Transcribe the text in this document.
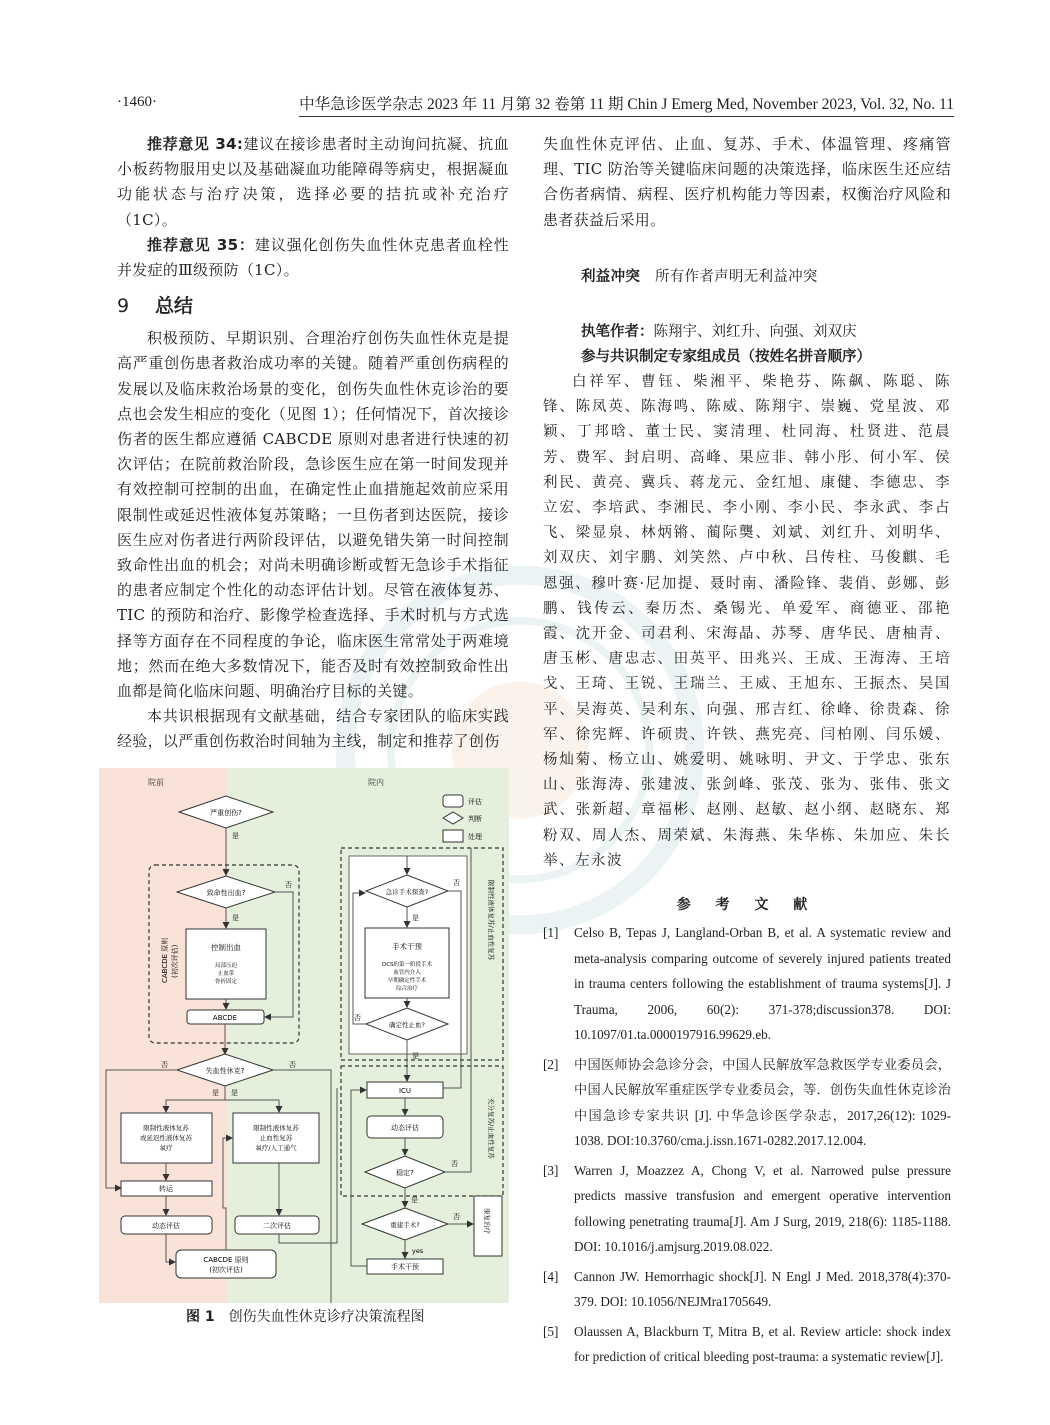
·1460·	中华急诊医学杂志 2023 年 11 月第 32 卷第 11 期 Chin J Emerg Med, November 2023, Vol. 32, No. 11

推荐意见 34:建议在接诊患者时主动询问抗凝、抗血小板药物服用史以及基础凝血功能障碍等病史，根据凝血功能状态与治疗决策，选择必要的拮抗或补充治疗（1C）。

推荐意见 35：建议强化创伤失血性休克患者血栓性并发症的Ⅲ级预防（1C）。

9 总结

积极预防、早期识别、合理治疗创伤失血性休克是提高严重创伤患者救治成功率的关键。随着严重创伤病程的发展以及临床救治场景的变化，创伤失血性休克诊治的要点也会发生相应的变化（见图 1）；任何情况下，首次接诊伤者的医生都应遵循 CABCDE 原则对患者进行快速的初次评估；在院前救治阶段，急诊医生应在第一时间发现并有效控制可控制的出血，在确定性止血措施起效前应采用限制性或延迟性液体复苏策略；一旦伤者到达医院，接诊医生应对伤者进行两阶段评估，以避免错失第一时间控制致命性出血的机会；对尚未明确诊断或暂无急诊手术指征的患者应制定个性化的动态评估计划。尽管在液体复苏、TIC 的预防和治疗、影像学检查选择、手术时机与方式选择等方面存在不同程度的争论，临床医生常常处于两难境地；然而在绝大多数情况下，能否及时有效控制致命性出血都是简化临床问题、明确治疗目标的关键。

本共识根据现有文献基础，结合专家团队的临床实践经验，以严重创伤救治时间轴为主线，制定和推荐了创伤

失血性休克评估、止血、复苏、手术、体温管理、疼痛管理、TIC 防治等关键临床问题的决策选择，临床医生还应结合伤者病情、病程、医疗机构能力等因素，权衡治疗风险和患者获益后采用。

利益冲突 所有作者声明无利益冲突

执笔作者：陈翔宇、刘红升、向强、刘双庆
参与共识制定专家组成员（按姓名拼音顺序）

白祥军、曹钰、柴湘平、柴艳芬、陈飙、陈聪、陈锋、陈凤英、陈海鸣、陈威、陈翔宇、崇巍、党星波、邓颖、丁邦晗、董士民、窦清理、杜同海、杜贤进、范晨芳、费军、封启明、高峰、果应非、韩小彤、何小军、侯利民、黄亮、冀兵、蒋龙元、金红旭、康健、李德忠、李立宏、李培武、李湘民、李小刚、李小民、李永武、李占飞、梁显泉、林炳锵、蔺际龑、刘斌、刘红升、刘明华、刘双庆、刘宇鹏、刘笑然、卢中秋、吕传柱、马俊麒、毛恩强、穆叶赛·尼加提、聂时南、潘险锋、裴俏、彭娜、彭鹏、钱传云、秦历杰、桑锡光、单爱军、商德亚、邵艳霞、沈开金、司君利、宋海晶、苏琴、唐华民、唐柚青、唐玉彬、唐忠志、田英平、田兆兴、王成、王海涛、王培戈、王琦、王锐、王瑞兰、王威、王旭东、王振杰、吴国平、吴海英、吴利东、向强、邢吉红、徐峰、徐贵森、徐军、徐宪辉、许硕贵、许铁、燕宪亮、闫柏刚、闫乐媛、杨灿菊、杨立山、姚爱明、姚咏明、尹文、于学忠、张东山、张海涛、张建波、张剑峰、张茂、张为、张伟、张文武、张新超、章福彬、赵刚、赵敏、赵小纲、赵晓东、郑粉双、周人杰、周荣斌、朱海燕、朱华栋、朱加应、朱长举、左永波

参 考 文 献
[1] Celso B, Tepas J, Langland-Orban B, et al. A systematic review and meta-analysis comparing outcome of severely injured patients treated in trauma centers following the establishment of trauma systems[J]. J Trauma, 2006, 60(2): 371-378;discussion378. DOI: 10.1097/01.ta.0000197916.99629.eb.
[2] 中国医师协会急诊分会，中国人民解放军急救医学专业委员会，中国人民解放军重症医学专业委员会，等．创伤失血性休克诊治中国急诊专家共识 [J]. 中华急诊医学杂志，2017,26(12): 1029-1038. DOI:10.3760/cma.j.issn.1671-0282.2017.12.004.
[3] Warren J, Moazzez A, Chong V, et al. Narrowed pulse pressure predicts massive transfusion and emergent operative intervention following penetrating trauma[J]. Am J Surg, 2019, 218(6): 1185-1188. DOI: 10.1016/j.amjsurg.2019.08.022.
[4] Cannon JW. Hemorrhagic shock[J]. N Engl J Med. 2018,378(4):370-379. DOI: 10.1056/NEJMra1705649.
[5] Olaussen A, Blackburn T, Mitra B, et al. Review article: shock index for prediction of critical bleeding post-trauma: a systematic review[J].
院前	院内
评估
判断
处理
严重创伤?
是
CABCDE 原则 (初次评估)
致命性出血?
否
是
控制出血
局部压迫
止血带
骨折固定
ABCDE
失血性休克?
否	否
是 是
限制性液体复苏
或延迟性液体复苏
氧疗
转运
动态评估
CABCDE 原则
(初次评估)
限制性液体复苏
止血性复苏
氧疗/人工通气
二次评估
限制性液体复苏/止血性复苏
急诊手术探查?
否
是
手术干预
DCS的第一阶段手术
血管内介入
早期确定性手术
综合治疗
确定性止血?
否
是
充分复苏/止血性复苏
ICU
动态评估
稳定?
否
是
重建手术?
否
yes
康复治疗
手术干预
图 1 创伤失血性休克诊疗决策流程图
